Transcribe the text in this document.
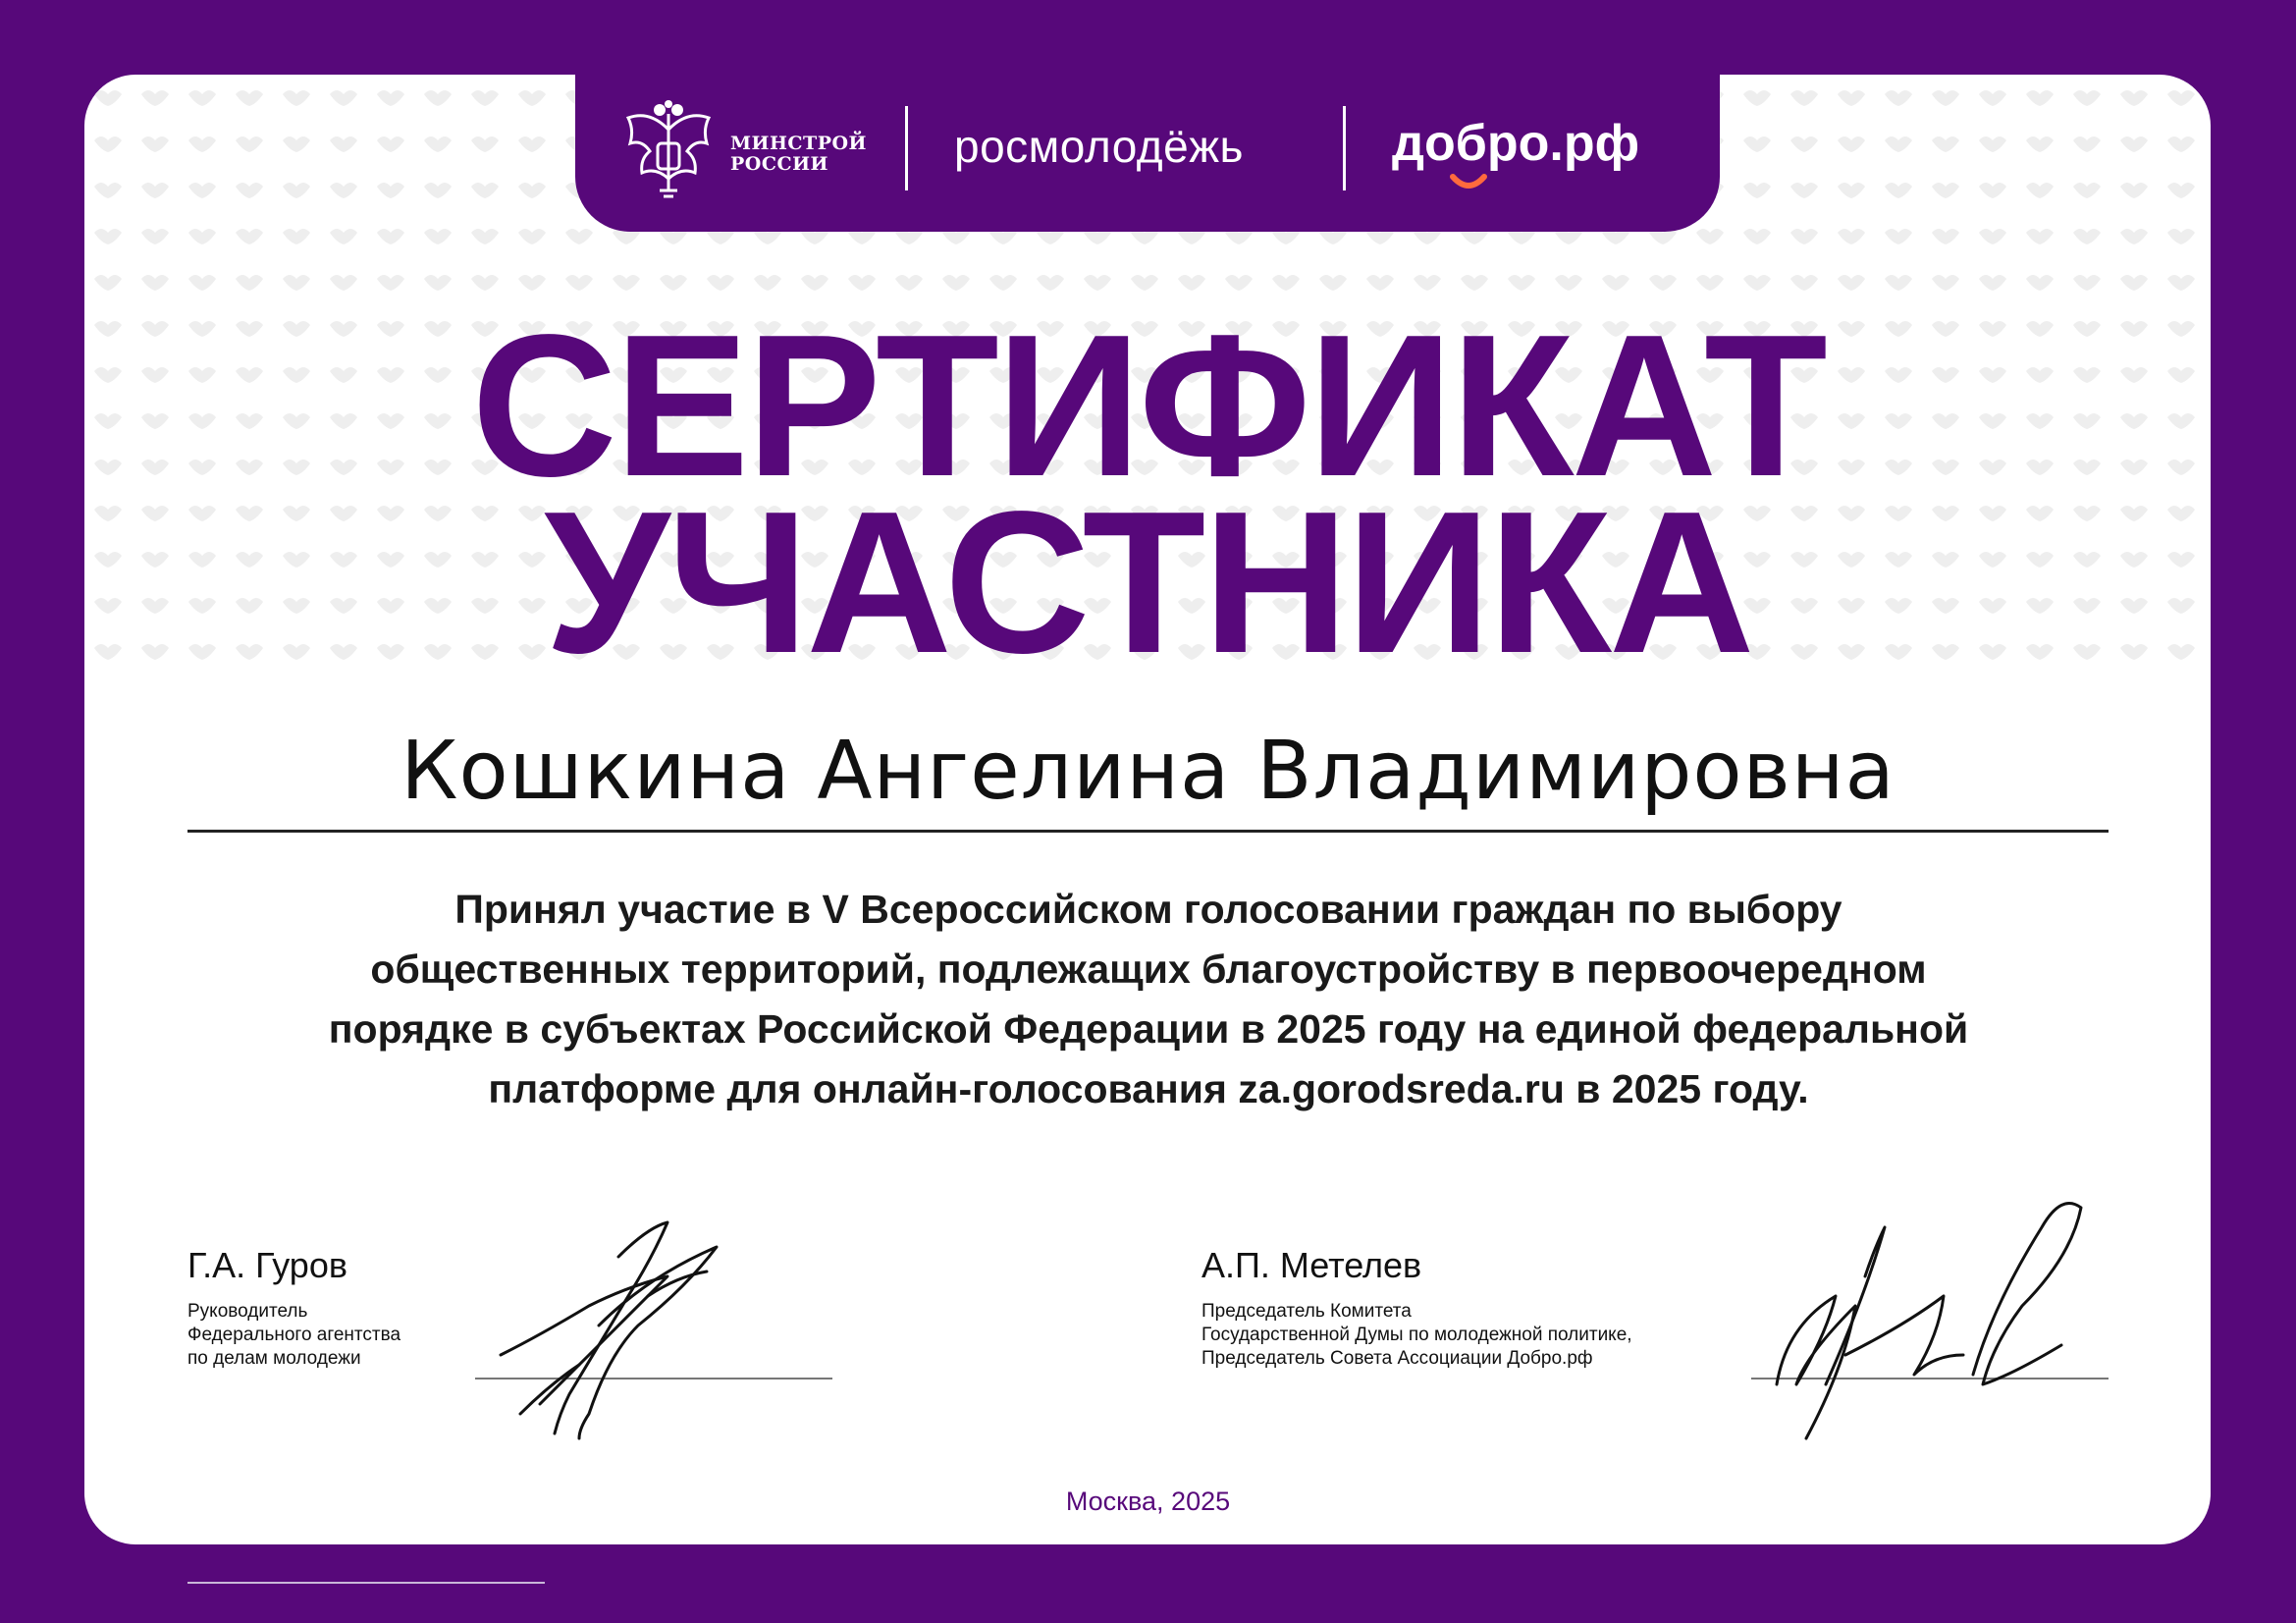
МИНСТРОЙ
РОССИИ	росмолодёжь	добро.рф
СЕРТИФИКАТ
УЧАСТНИКА
Кошкина Ангелина Владимировна
Принял участие в V Всероссийском голосовании граждан по выбору
общественных территорий, подлежащих благоустройству в первоочередном
порядке в субъектах Российской Федерации в 2025 году на единой федеральной
платформе для онлайн-голосования za.gorodsreda.ru в 2025 году.
Г.А. Гуров
Руководитель
Федерального агентства
по делам молодежи
А.П. Метелев
Председатель Комитета
Государственной Думы по молодежной политике,
Председатель Совета Ассоциации Добро.рф
Москва, 2025
